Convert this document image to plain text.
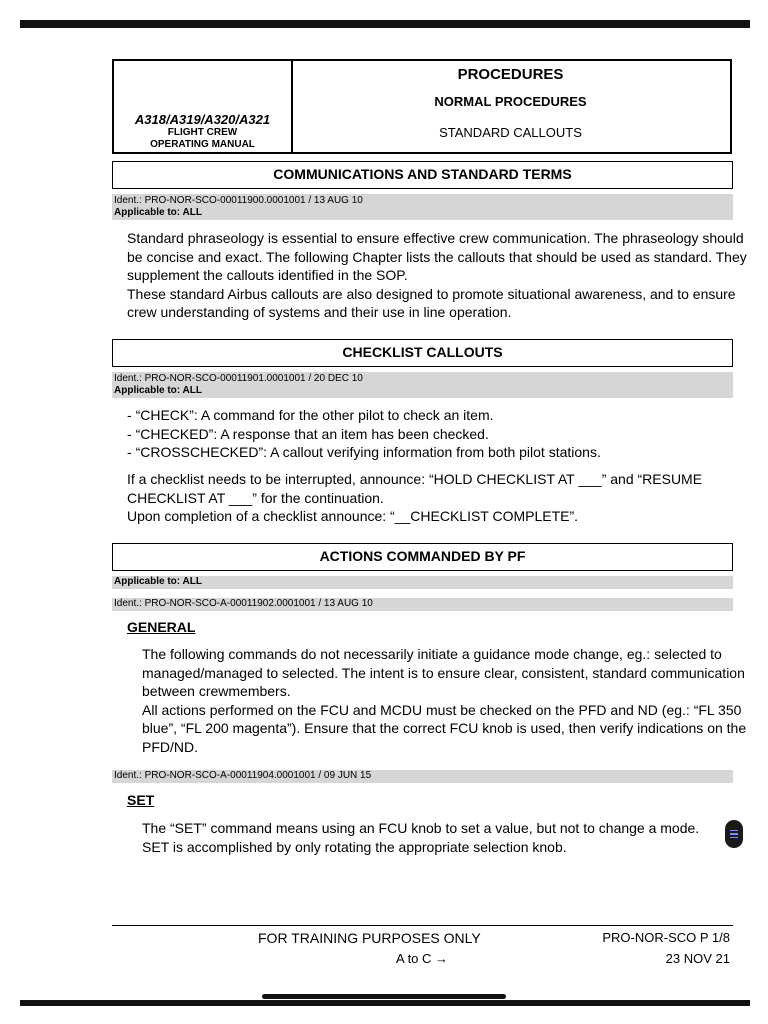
A318/A319/A320/A321
FLIGHT CREW
OPERATING MANUAL
PROCEDURES
NORMAL PROCEDURES
STANDARD CALLOUTS
COMMUNICATIONS AND STANDARD TERMS
Ident.: PRO-NOR-SCO-00011900.0001001 / 13 AUG 10
Applicable to: ALL
Standard phraseology is essential to ensure effective crew communication. The phraseology should
be concise and exact. The following Chapter lists the callouts that should be used as standard. They
supplement the callouts identified in the SOP.
These standard Airbus callouts are also designed to promote situational awareness, and to ensure
crew understanding of systems and their use in line operation.
CHECKLIST CALLOUTS
Ident.: PRO-NOR-SCO-00011901.0001001 / 20 DEC 10
Applicable to: ALL
- “CHECK”: A command for the other pilot to check an item.
- “CHECKED”: A response that an item has been checked.
- “CROSSCHECKED”: A callout verifying information from both pilot stations.
If a checklist needs to be interrupted, announce: “HOLD CHECKLIST AT ___” and “RESUME
CHECKLIST AT ___” for the continuation.
Upon completion of a checklist announce: “__CHECKLIST COMPLETE”.
ACTIONS COMMANDED BY PF
Applicable to: ALL
Ident.: PRO-NOR-SCO-A-00011902.0001001 / 13 AUG 10
GENERAL
The following commands do not necessarily initiate a guidance mode change, eg.: selected to
managed/managed to selected. The intent is to ensure clear, consistent, standard communication
between crewmembers.
All actions performed on the FCU and MCDU must be checked on the PFD and ND (eg.: “FL 350
blue”, “FL 200 magenta”). Ensure that the correct FCU knob is used, then verify indications on the
PFD/ND.
Ident.: PRO-NOR-SCO-A-00011904.0001001 / 09 JUN 15
SET
The “SET” command means using an FCU knob to set a value, but not to change a mode.
SET is accomplished by only rotating the appropriate selection knob.
FOR TRAINING PURPOSES ONLY
A to C →
PRO-NOR-SCO P 1/8
23 NOV 21
